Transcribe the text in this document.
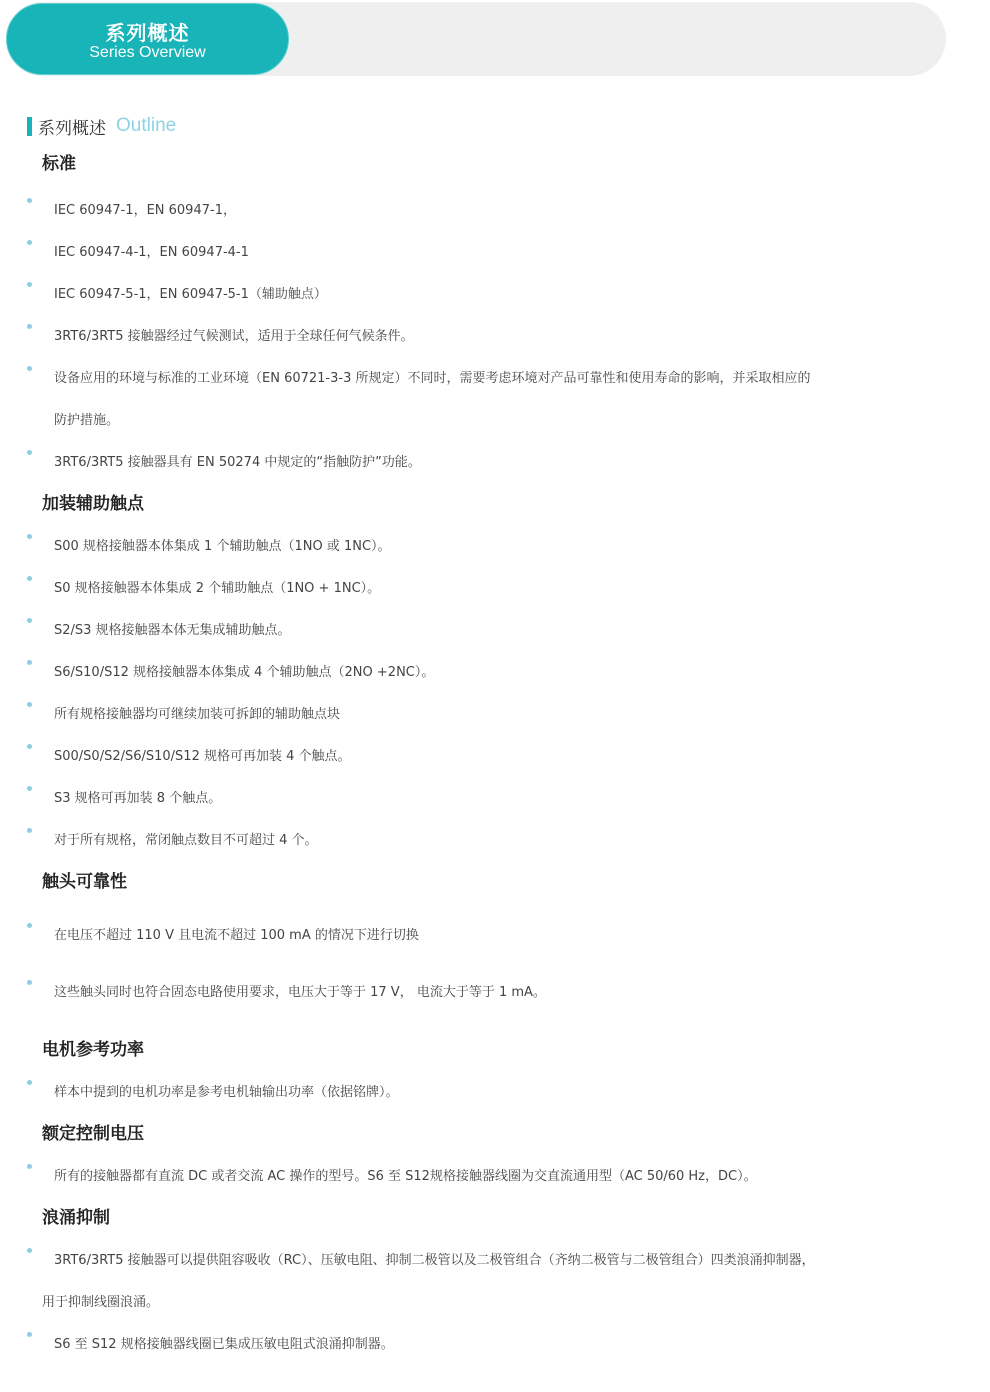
系列概述
Series Overview
系列概述 Outline
标准
IEC 60947-1，EN 60947-1，
IEC 60947-4-1，EN 60947-4-1
IEC 60947-5-1，EN 60947-5-1（辅助触点）
3RT6/3RT5 接触器经过气候测试，适用于全球任何气候条件。
设备应用的环境与标准的工业环境（EN 60721-3-3 所规定）不同时，需要考虑环境对产品可靠性和使用寿命的影响，并采取相应的
防护措施。
3RT6/3RT5 接触器具有 EN 50274 中规定的“指触防护”功能。
加装辅助触点
S00 规格接触器本体集成 1 个辅助触点（1NO 或 1NC）。
S0 规格接触器本体集成 2 个辅助触点（1NO + 1NC）。
S2/S3 规格接触器本体无集成辅助触点。
S6/S10/S12 规格接触器本体集成 4 个辅助触点（2NO +2NC）。
所有规格接触器均可继续加装可拆卸的辅助触点块
S00/S0/S2/S6/S10/S12 规格可再加装 4 个触点。
S3 规格可再加装 8 个触点。
对于所有规格，常闭触点数目不可超过 4 个。
触头可靠性
在电压不超过 110 V 且电流不超过 100 mA 的情况下进行切换
这些触头同时也符合固态电路使用要求，电压大于等于 17 V， 电流大于等于 1 mA。
电机参考功率
样本中提到的电机功率是参考电机轴输出功率（依据铭牌）。
额定控制电压
所有的接触器都有直流 DC 或者交流 AC 操作的型号。S6 至 S12规格接触器线圈为交直流通用型（AC 50/60 Hz，DC）。
浪涌抑制
3RT6/3RT5 接触器可以提供阻容吸收（RC）、压敏电阻、抑制二极管以及二极管组合（齐纳二极管与二极管组合）四类浪涌抑制器，
用于抑制线圈浪涌。
S6 至 S12 规格接触器线圈已集成压敏电阻式浪涌抑制器。
